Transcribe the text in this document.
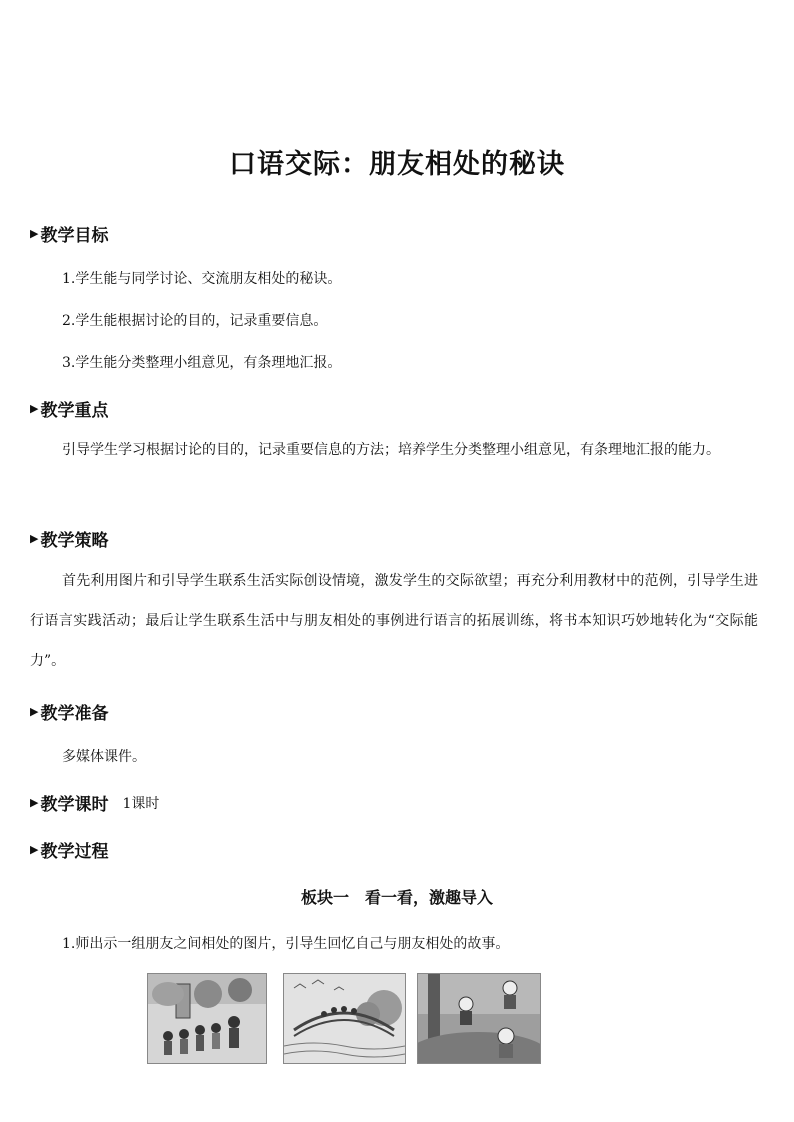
口语交际：朋友相处的秘诀
▶ 教学目标
1.学生能与同学讨论、交流朋友相处的秘诀。
2.学生能根据讨论的目的，记录重要信息。
3.学生能分类整理小组意见，有条理地汇报。
▶ 教学重点

引导学生学习根据讨论的目的，记录重要信息的方法；培养学生分类整理小组意见，有条理地汇报的能力。

▶ 教学策略

首先利用图片和引导学生联系生活实际创设情境，激发学生的交际欲望；再充分利用教材中的范例，引导学生进行语言实践活动；最后让学生联系生活中与朋友相处的事例进行语言的拓展训练，将书本知识巧妙地转化为“交际能力”。

▶ 教学准备
多媒体课件。
▶ 教学课时 1课时
▶ 教学过程
板块一　看一看，激趣导入
1.师出示一组朋友之间相处的图片，引导生回忆自己与朋友相处的故事。
